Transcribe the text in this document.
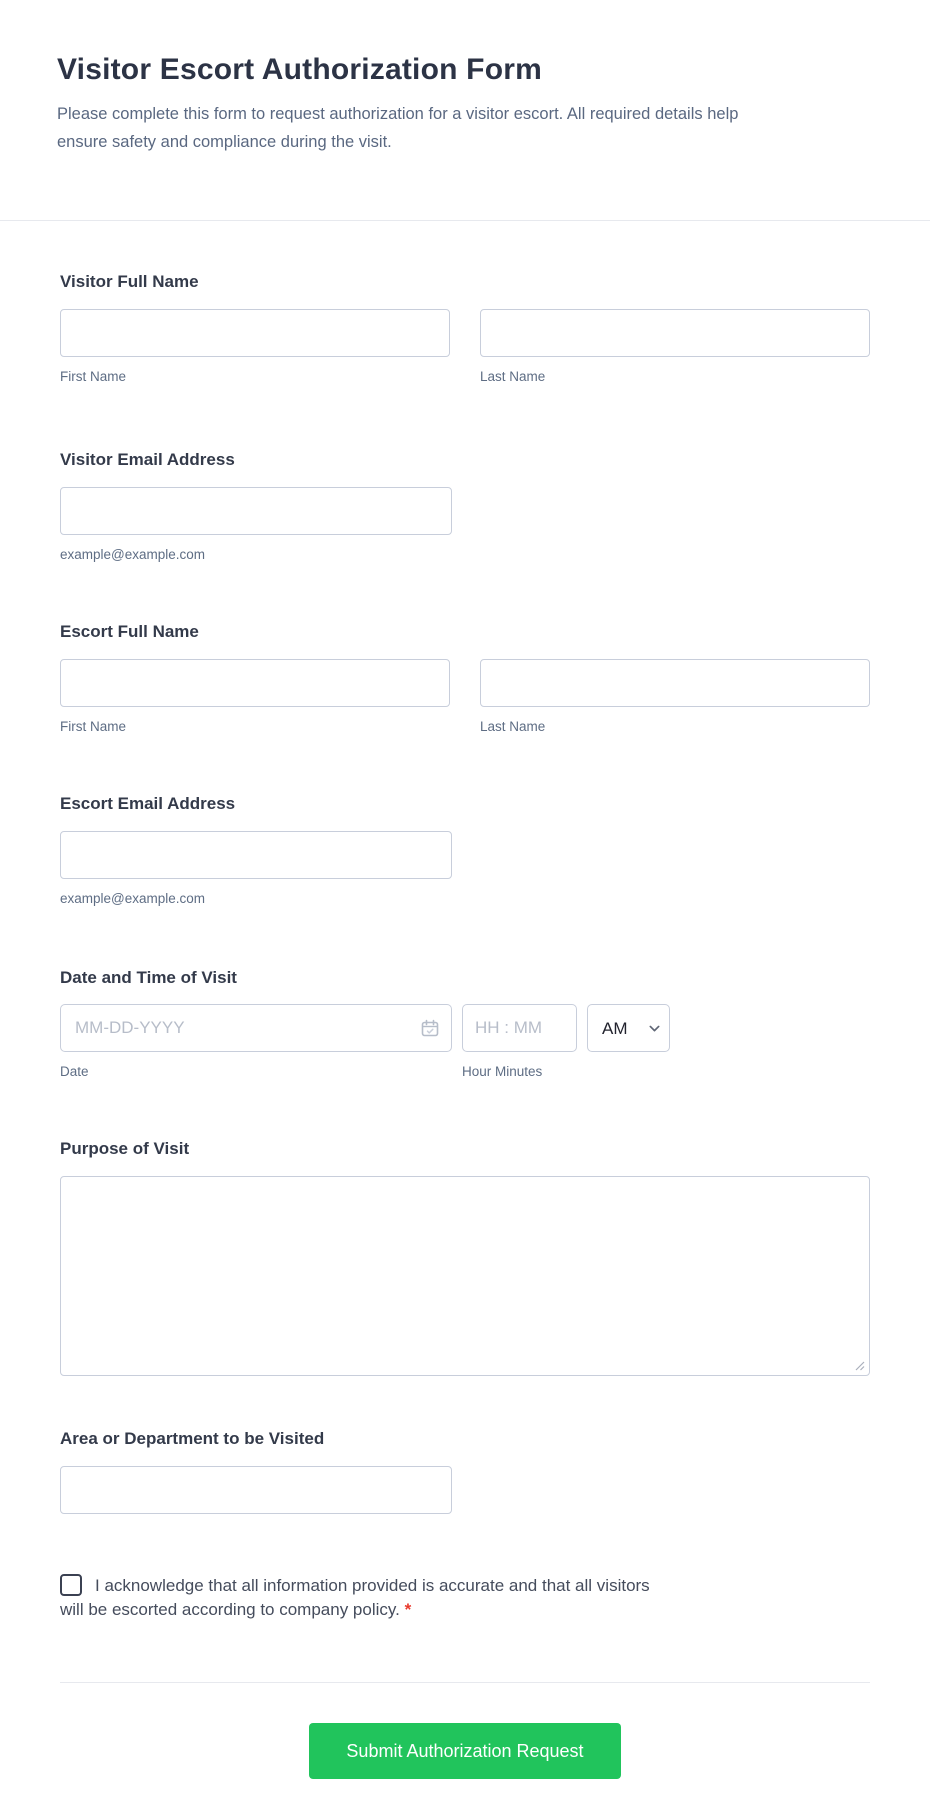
Visitor Escort Authorization Form

Please complete this form to request authorization for a visitor escort. All required details help ensure safety and compliance during the visit.

Visitor Full Name
First Name	Last Name
Visitor Email Address
example@example.com
Escort Full Name
First Name	Last Name
Escort Email Address
example@example.com
Date and Time of Visit
MM-DD-YYYY
HH : MM
AM
Date	Hour Minutes
Purpose of Visit
Area or Department to be Visited
I acknowledge that all information provided is accurate and that all visitors will be escorted according to company policy. *
Submit Authorization Request
